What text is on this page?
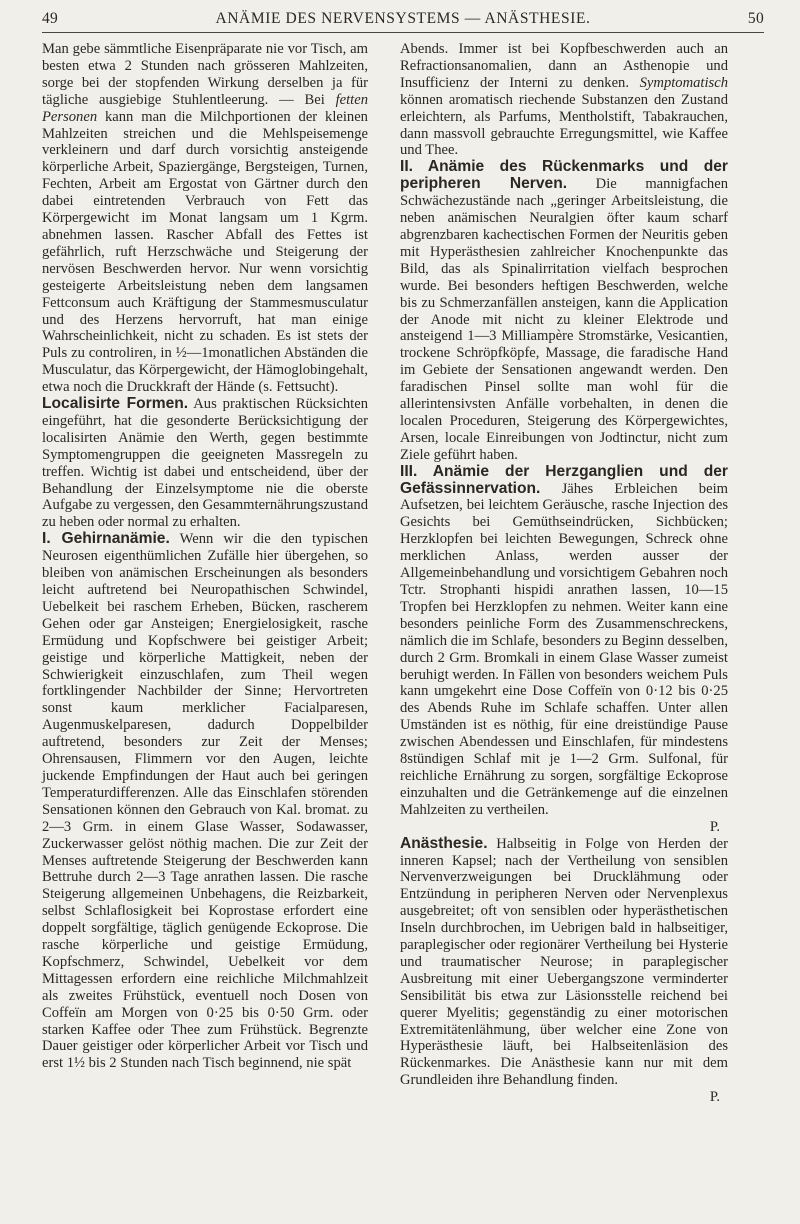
49	ANÄMIE DES NERVENSYSTEMS — ANÄSTHESIE.	50

Man gebe sämmtliche Eisenpräparate nie vor Tisch, am besten etwa 2 Stunden nach grösseren Mahlzeiten, sorge bei der stopfenden Wirkung derselben ja für tägliche ausgiebige Stuhlentleerung. — Bei fetten Personen kann man die Milchportionen der kleinen Mahlzeiten streichen und die Mehlspeisemenge verkleinern und darf durch vorsichtig ansteigende körperliche Arbeit, Spaziergänge, Bergsteigen, Turnen, Fechten, Arbeit am Ergostat von Gärtner durch den dabei eintretenden Verbrauch von Fett das Körpergewicht im Monat langsam um 1 Kgrm. abnehmen lassen. Rascher Abfall des Fettes ist gefährlich, ruft Herzschwäche und Steigerung der nervösen Beschwerden hervor. Nur wenn vorsichtig gesteigerte Arbeitsleistung neben dem langsamen Fettconsum auch Kräftigung der Stammesmusculatur und des Herzens hervorruft, hat man einige Wahrscheinlichkeit, nicht zu schaden. Es ist stets der Puls zu controliren, in ½—1monatlichen Abständen die Musculatur, das Körpergewicht, der Hämoglobingehalt, etwa noch die Druckkraft der Hände (s. Fettsucht).

Localisirte Formen. Aus praktischen Rücksichten eingeführt, hat die gesonderte Berücksichtigung der localisirten Anämie den Werth, gegen bestimmte Symptomengruppen die geeigneten Massregeln zu treffen. Wichtig ist dabei und entscheidend, über der Behandlung der Einzelsymptome nie die oberste Aufgabe zu vergessen, den Gesammternährungszustand zu heben oder normal zu erhalten.

I. Gehirnanämie. Wenn wir die den typischen Neurosen eigenthümlichen Zufälle hier übergehen, so bleiben von anämischen Erscheinungen als besonders leicht auftretend bei Neuropathischen Schwindel, Uebelkeit bei raschem Erheben, Bücken, rascherem Gehen oder gar Ansteigen; Energielosigkeit, rasche Ermüdung und Kopfschwere bei geistiger Arbeit; geistige und körperliche Mattigkeit, neben der Schwierigkeit einzuschlafen, zum Theil wegen fortklingender Nachbilder der Sinne; Hervortreten sonst kaum merklicher Facialparesen, Augenmuskelparesen, dadurch Doppelbilder auftretend, besonders zur Zeit der Menses; Ohrensausen, Flimmern vor den Augen, leichte juckende Empfindungen der Haut auch bei geringen Temperaturdifferenzen. Alle das Einschlafen störenden Sensationen können den Gebrauch von Kal. bromat. zu 2—3 Grm. in einem Glase Wasser, Sodawasser, Zuckerwasser gelöst nöthig machen. Die zur Zeit der Menses auftretende Steigerung der Beschwerden kann Bettruhe durch 2—3 Tage anrathen lassen. Die rasche Steigerung allgemeinen Unbehagens, die Reizbarkeit, selbst Schlaflosigkeit bei Koprostase erfordert eine doppelt sorgfältige, täglich genügende Eckoprose. Die rasche körperliche und geistige Ermüdung, Kopfschmerz, Schwindel, Uebelkeit vor dem Mittagessen erfordern eine reichliche Milchmahlzeit als zweites Frühstück, eventuell noch Dosen von Coffeïn am Morgen von 0·25 bis 0·50 Grm. oder starken Kaffee oder Thee zum Frühstück. Begrenzte Dauer geistiger oder körperlicher Arbeit vor Tisch und erst 1½ bis 2 Stunden nach Tisch beginnend, nie spät

Abends. Immer ist bei Kopfbeschwerden auch an Refractionsanomalien, dann an Asthenopie und Insufficienz der Interni zu denken. Symptomatisch können aromatisch riechende Substanzen den Zustand erleichtern, als Parfums, Mentholstift, Tabakrauchen, dann massvoll gebrauchte Erregungsmittel, wie Kaffee und Thee.

II. Anämie des Rückenmarks und der peripheren Nerven. Die mannigfachen Schwächezustände nach „geringer Arbeitsleistung, die neben anämischen Neuralgien öfter kaum scharf abgrenzbaren kachectischen Formen der Neuritis geben mit Hyperästhesien zahlreicher Knochenpunkte das Bild, das als Spinalirritation vielfach besprochen wurde. Bei besonders heftigen Beschwerden, welche bis zu Schmerzanfällen ansteigen, kann die Application der Anode mit nicht zu kleiner Elektrode und ansteigend 1—3 Milliampère Stromstärke, Vesicantien, trockene Schröpfköpfe, Massage, die faradische Hand im Gebiete der Sensationen angewandt werden. Den faradischen Pinsel sollte man wohl für die allerintensivsten Anfälle vorbehalten, in denen die localen Proceduren, Steigerung des Körpergewichtes, Arsen, locale Einreibungen von Jodtinctur, nicht zum Ziele geführt haben.

III. Anämie der Herzganglien und der Gefässinnervation. Jähes Erbleichen beim Aufsetzen, bei leichtem Geräusche, rasche Injection des Gesichts bei Gemüthseindrücken, Sichbücken; Herzklopfen bei leichten Bewegungen, Schreck ohne merklichen Anlass, werden ausser der Allgemeinbehandlung und vorsichtigem Gebahren noch Tctr. Strophanti hispidi anrathen lassen, 10—15 Tropfen bei Herzklopfen zu nehmen. Weiter kann eine besonders peinliche Form des Zusammenschreckens, nämlich die im Schlafe, besonders zu Beginn desselben, durch 2 Grm. Bromkali in einem Glase Wasser zumeist beruhigt werden. In Fällen von besonders weichem Puls kann umgekehrt eine Dose Coffeïn von 0·12 bis 0·25 des Abends Ruhe im Schlafe schaffen. Unter allen Umständen ist es nöthig, für eine dreistündige Pause zwischen Abendessen und Einschlafen, für mindestens 8stündigen Schlaf mit je 1—2 Grm. Sulfonal, für reichliche Ernährung zu sorgen, sorgfältige Eckoprose einzuhalten und die Getränkemenge auf die einzelnen Mahlzeiten zu vertheilen.

P.

Anästhesie. Halbseitig in Folge von Herden der inneren Kapsel; nach der Vertheilung von sensiblen Nervenverzweigungen bei Drucklähmung oder Entzündung in peripheren Nerven oder Nervenplexus ausgebreitet; oft von sensiblen oder hyperästhetischen Inseln durchbrochen, im Uebrigen bald in halbseitiger, paraplegischer oder regionärer Vertheilung bei Hysterie und traumatischer Neurose; in paraplegischer Ausbreitung mit einer Uebergangszone verminderter Sensibilität bis etwa zur Läsionsstelle reichend bei querer Myelitis; gegenständig zu einer motorischen Extremitätenlähmung, über welcher eine Zone von Hyperästhesie läuft, bei Halbseitenläsion des Rückenmarkes. Die Anästhesie kann nur mit dem Grundleiden ihre Behandlung finden.

P.
